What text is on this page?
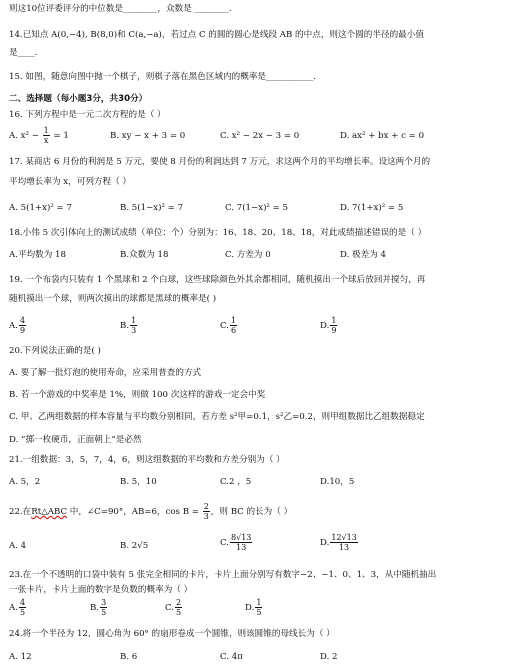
则这10位评委评分的中位数是________，众数是 ________.
14.已知点 A(0,−4), B(8,0)和 C(a,−a)，若过点 C 的圆的圆心是线段 AB 的中点，则这个圆的半径的最小值
是____.
15. 如图，随意向图中抛一个棋子，则棋子落在黑色区域内的概率是___________.
二、选择题（每小题3分，共30分）
16. 下列方程中是一元二次方程的是（ ）
A. $x^2 - \frac{1}{x} = 1$	B. xy − x + 3 = 0	C. x² − 2x − 3 = 0	D. ax² + bx + c = 0
17. 某商店 6 月份的利润是 5 万元，要使 8 月份的利润达到 7 万元，求这两个月的平均增长率。设这两个月的
平均增长率为 x，可列方程（ ）
A. 5(1+x)² = 7	B. 5(1−x)² = 7	C. 7(1−x)² = 5	D. 7(1+x)² = 5
18.小伟 5 次引体向上的测试成绩（单位：个）分别为：16、18、20、18、18，对此成绩描述错误的是（ ）
A.平均数为 18	B.众数为 18	C. 方差为 0	D. 极差为 4
19. 一个布袋内只装有 1 个黑球和 2 个白球，这些球除颜色外其余都相同，随机摸出一个球后放回并搅匀，再
随机摸出一个球，则两次摸出的球都是黑球的概率是( )
A. $\frac{4}{9}$	B. $\frac{1}{3}$	C. $\frac{1}{6}$	D. $\frac{1}{9}$
20.下列说法正确的是( )
A. 要了解一批灯泡的使用寿命，应采用普查的方式
B. 若一个游戏的中奖率是 1%，则做 100 次这样的游戏一定会中奖
C. 甲、乙两组数据的样本容量与平均数分别相同，若方差 s²甲=0.1，s²乙=0.2，则甲组数据比乙组数据稳定
D. “掷一枚硬币，正面朝上”是必然
21.一组数据：3，5，7，4，6，则这组数据的平均数和方差分别为（ ）
A. 5，2	B. 5，10	C.2 ，5	D.10，5
22.在Rt△ABC 中，∠C=90°，AB=6，$\cos B = \frac{2}{3}$ ，则 BC 的长为（ ）
A. 4	B. 2√5	C. $\frac{8√13}{13}$	D. $\frac{12√13}{13}$
23.在一个不透明的口袋中装有 5 张完全相同的卡片，卡片上面分别写有数字−2、−1、0、1、3，从中随机抽出
一张卡片，卡片上面的数字是负数的概率为（ ）
A. $\frac{4}{5}$	B. $\frac{3}{5}$	C. $\frac{2}{5}$	D. $\frac{1}{5}$
24.将一个半径为 12，圆心角为 60° 的扇形卷成一个圆锥，则该圆锥的母线长为（ ）
A. 12	B. 6	C. 4π	D. 2
